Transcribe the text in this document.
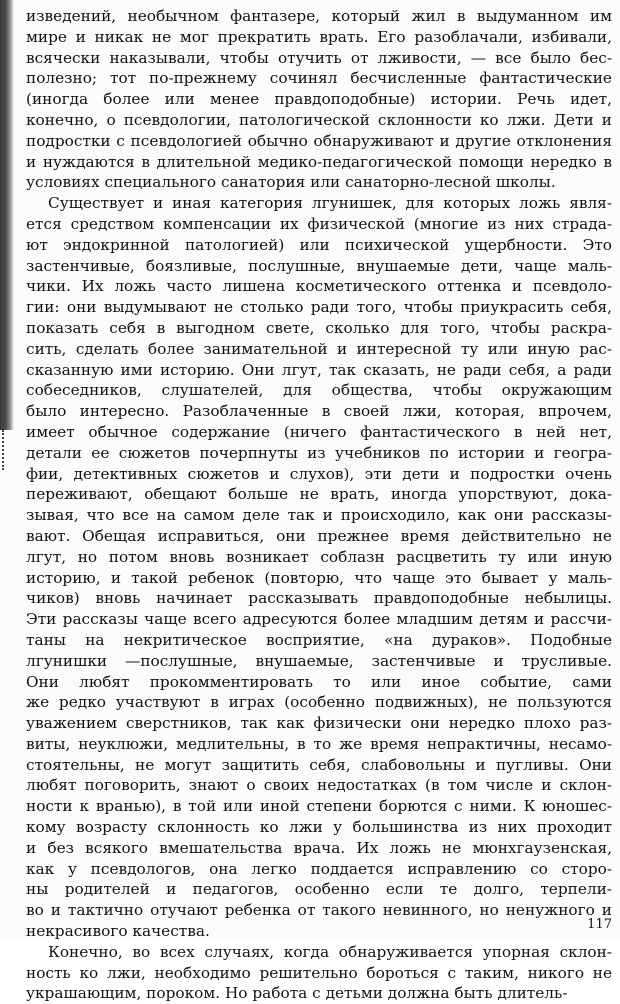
изведений, необычном фантазере, который жил в выдуманном им
мире и никак не мог прекратить врать. Его разоблачали, избивали,
всячески наказывали, чтобы отучить от лживости, — все было бес-
полезно; тот по-прежнему сочинял бесчисленные фантастические
(иногда более или менее правдоподобные) истории. Речь идет,
конечно, о псевдологии, патологической склонности ко лжи. Дети и
подростки с псевдологией обычно обнаруживают и другие отклонения
и нуждаются в длительной медико-педагогической помощи нередко в
условиях специального санатория или санаторно-лесной школы.
Существует и иная категория лгунишек, для которых ложь явля-
ется средством компенсации их физической (многие из них страда-
ют эндокринной патологией) или психической ущербности. Это
застенчивые, боязливые, послушные, внушаемые дети, чаще маль-
чики. Их ложь часто лишена косметического оттенка и псевдоло-
гии: они выдумывают не столько ради того, чтобы приукрасить себя,
показать себя в выгодном свете, сколько для того, чтобы раскра-
сить, сделать более занимательной и интересной ту или иную рас-
сказанную ими историю. Они лгут, так сказать, не ради себя, а ради
собеседников, слушателей, для общества, чтобы окружающим
было интересно. Разоблаченные в своей лжи, которая, впрочем,
имеет обычное содержание (ничего фантастического в ней нет,
детали ее сюжетов почерпнуты из учебников по истории и геогра-
фии, детективных сюжетов и слухов), эти дети и подростки очень
переживают, обещают больше не врать, иногда упорствуют, дока-
зывая, что все на самом деле так и происходило, как они рассказы-
вают. Обещая исправиться, они прежнее время действительно не
лгут, но потом вновь возникает соблазн расцветить ту или иную
историю, и такой ребенок (повторю, что чаще это бывает у маль-
чиков) вновь начинает рассказывать правдоподобные небылицы.
Эти рассказы чаще всего адресуются более младшим детям и рассчи-
таны на некритическое восприятие, «на дураков». Подобные
лгунишки —послушные, внушаемые, застенчивые и трусливые.
Они любят прокомментировать то или иное событие, сами
же редко участвуют в играх (особенно подвижных), не пользуются
уважением сверстников, так как физически они нередко плохо раз-
виты, неуклюжи, медлительны, в то же время непрактичны, несамо-
стоятельны, не могут защитить себя, слабовольны и пугливы. Они
любят поговорить, знают о своих недостатках (в том числе и склон-
ности к вранью), в той или иной степени борются с ними. К юношес-
кому возрасту склонность ко лжи у большинства из них проходит
и без всякого вмешательства врача. Их ложь не мюнхгаузенская,
как у псевдологов, она легко поддается исправлению со сторо-
ны родителей и педагогов, особенно если те долго, терпели-
во и тактично отучают ребенка от такого невинного, но ненужного и
некрасивого качества.
Конечно, во всех случаях, когда обнаруживается упорная склон-
ность ко лжи, необходимо решительно бороться с таким, никого не
украшающим, пороком. Но работа с детьми должна быть длитель-
117
